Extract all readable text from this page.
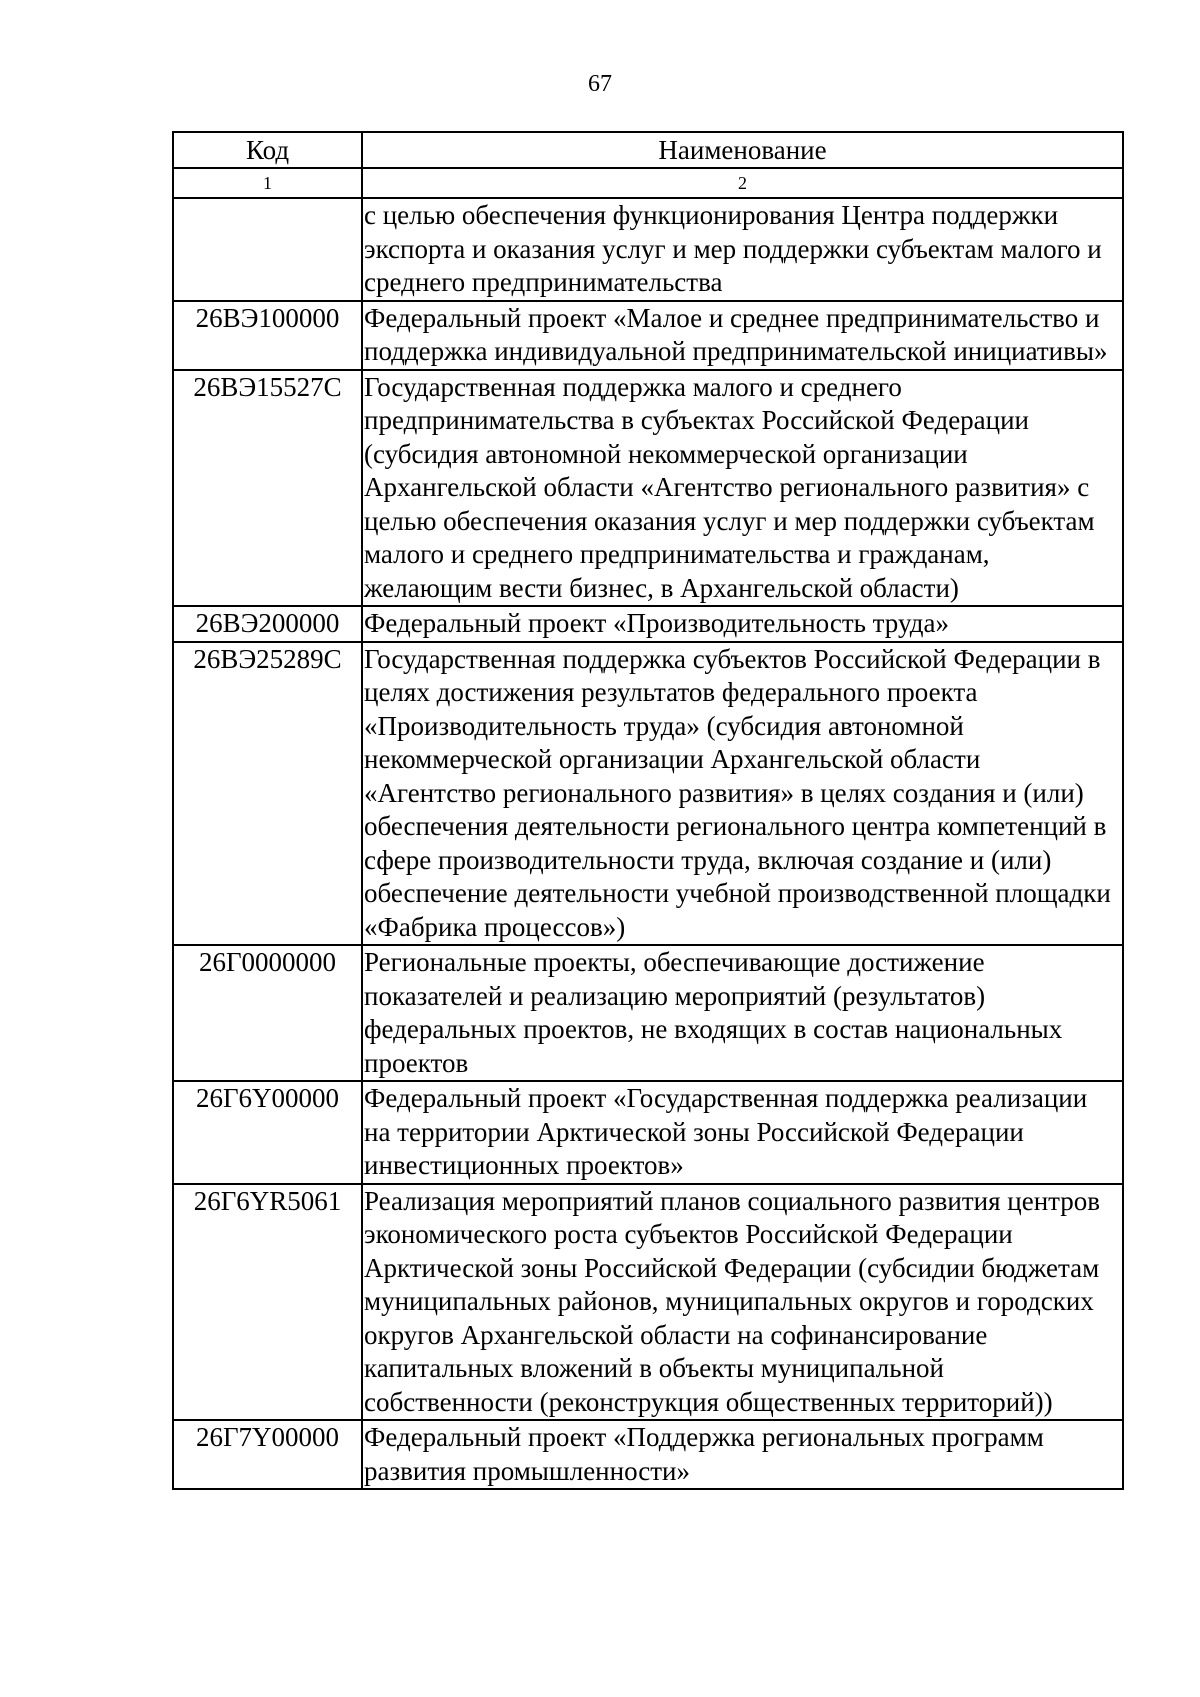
67
Код	Наименование
1	2
	с целью обеспечения функционирования Центра поддержки экспорта и оказания услуг и мер поддержки субъектам малого и среднего предпринимательства
26ВЭ100000	Федеральный проект «Малое и среднее предпринимательство и поддержка индивидуальной предпринимательской инициативы»
26ВЭ15527С	Государственная поддержка малого и среднего предпринимательства в субъектах Российской Федерации (субсидия автономной некоммерческой организации Архангельской области «Агентство регионального развития» с целью обеспечения оказания услуг и мер поддержки субъектам малого и среднего предпринимательства и гражданам, желающим вести бизнес, в Архангельской области)
26ВЭ200000	Федеральный проект «Производительность труда»
26ВЭ25289С	Государственная поддержка субъектов Российской Федерации в целях достижения результатов федерального проекта «Производительность труда» (субсидия автономной некоммерческой организации Архангельской области «Агентство регионального развития» в целях создания и (или) обеспечения деятельности регионального центра компетенций в сфере производительности труда, включая создание и (или) обеспечение деятельности учебной производственной площадки «Фабрика процессов»)
26Г0000000	Региональные проекты, обеспечивающие достижение показателей и реализацию мероприятий (результатов) федеральных проектов, не входящих в состав национальных проектов
26Г6Y00000	Федеральный проект «Государственная поддержка реализации на территории Арктической зоны Российской Федерации инвестиционных проектов»
26Г6YR5061	Реализация мероприятий планов социального развития центров экономического роста субъектов Российской Федерации Арктической зоны Российской Федерации (субсидии бюджетам муниципальных районов, муниципальных округов и городских округов Архангельской области на софинансирование капитальных вложений в объекты муниципальной собственности (реконструкция общественных территорий))
26Г7Y00000	Федеральный проект «Поддержка региональных программ развития промышленности»
